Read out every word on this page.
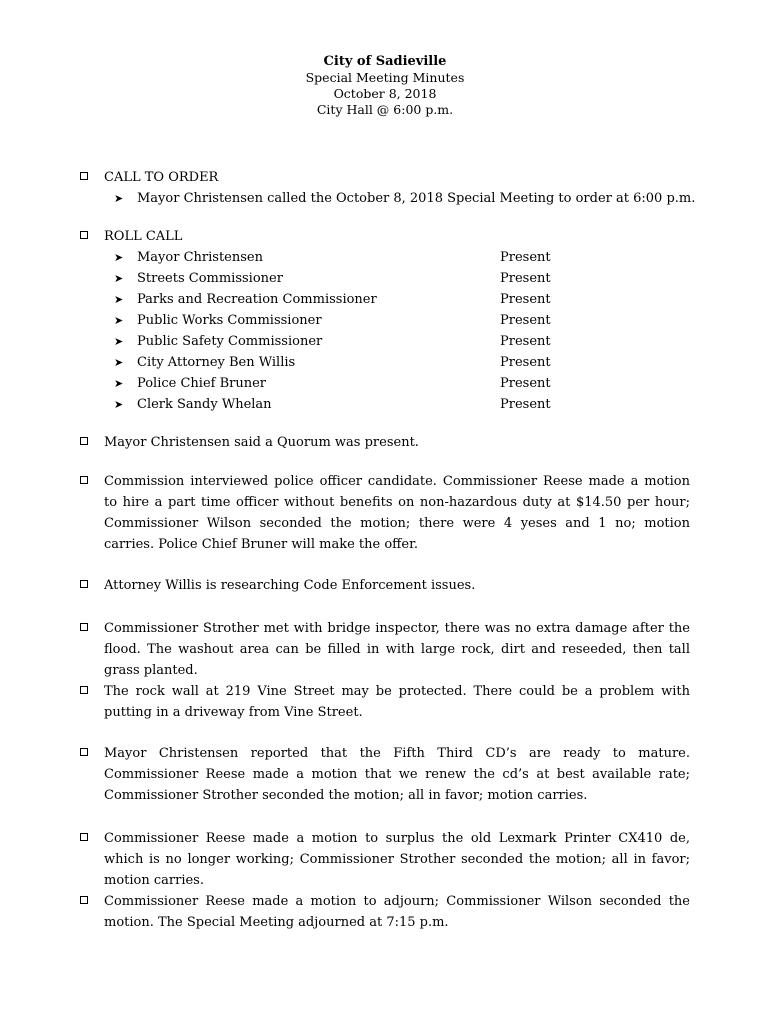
City of Sadieville
Special Meeting Minutes
October 8, 2018
City Hall @ 6:00 p.m.
CALL TO ORDER
➤ Mayor Christensen called the October 8, 2018 Special Meeting to order at 6:00 p.m.
ROLL CALL
➤ Mayor Christensen	Present
➤ Streets Commissioner	Present
➤ Parks and Recreation Commissioner	Present
➤ Public Works Commissioner	Present
➤ Public Safety Commissioner	Present
➤ City Attorney Ben Willis	Present
➤ Police Chief Bruner	Present
➤ Clerk Sandy Whelan	Present
Mayor Christensen said a Quorum was present.
Commission interviewed police officer candidate. Commissioner Reese made a motion to hire a part time officer without benefits on non-hazardous duty at $14.50 per hour; Commissioner Wilson seconded the motion; there were 4 yeses and 1 no; motion carries. Police Chief Bruner will make the offer.
Attorney Willis is researching Code Enforcement issues.
Commissioner Strother met with bridge inspector, there was no extra damage after the flood. The washout area can be filled in with large rock, dirt and reseeded, then tall grass planted.
The rock wall at 219 Vine Street may be protected. There could be a problem with putting in a driveway from Vine Street.
Mayor Christensen reported that the Fifth Third CD’s are ready to mature. Commissioner Reese made a motion that we renew the cd’s at best available rate; Commissioner Strother seconded the motion; all in favor; motion carries.
Commissioner Reese made a motion to surplus the old Lexmark Printer CX410 de, which is no longer working; Commissioner Strother seconded the motion; all in favor; motion carries.
Commissioner Reese made a motion to adjourn; Commissioner Wilson seconded the motion. The Special Meeting adjourned at 7:15 p.m.
